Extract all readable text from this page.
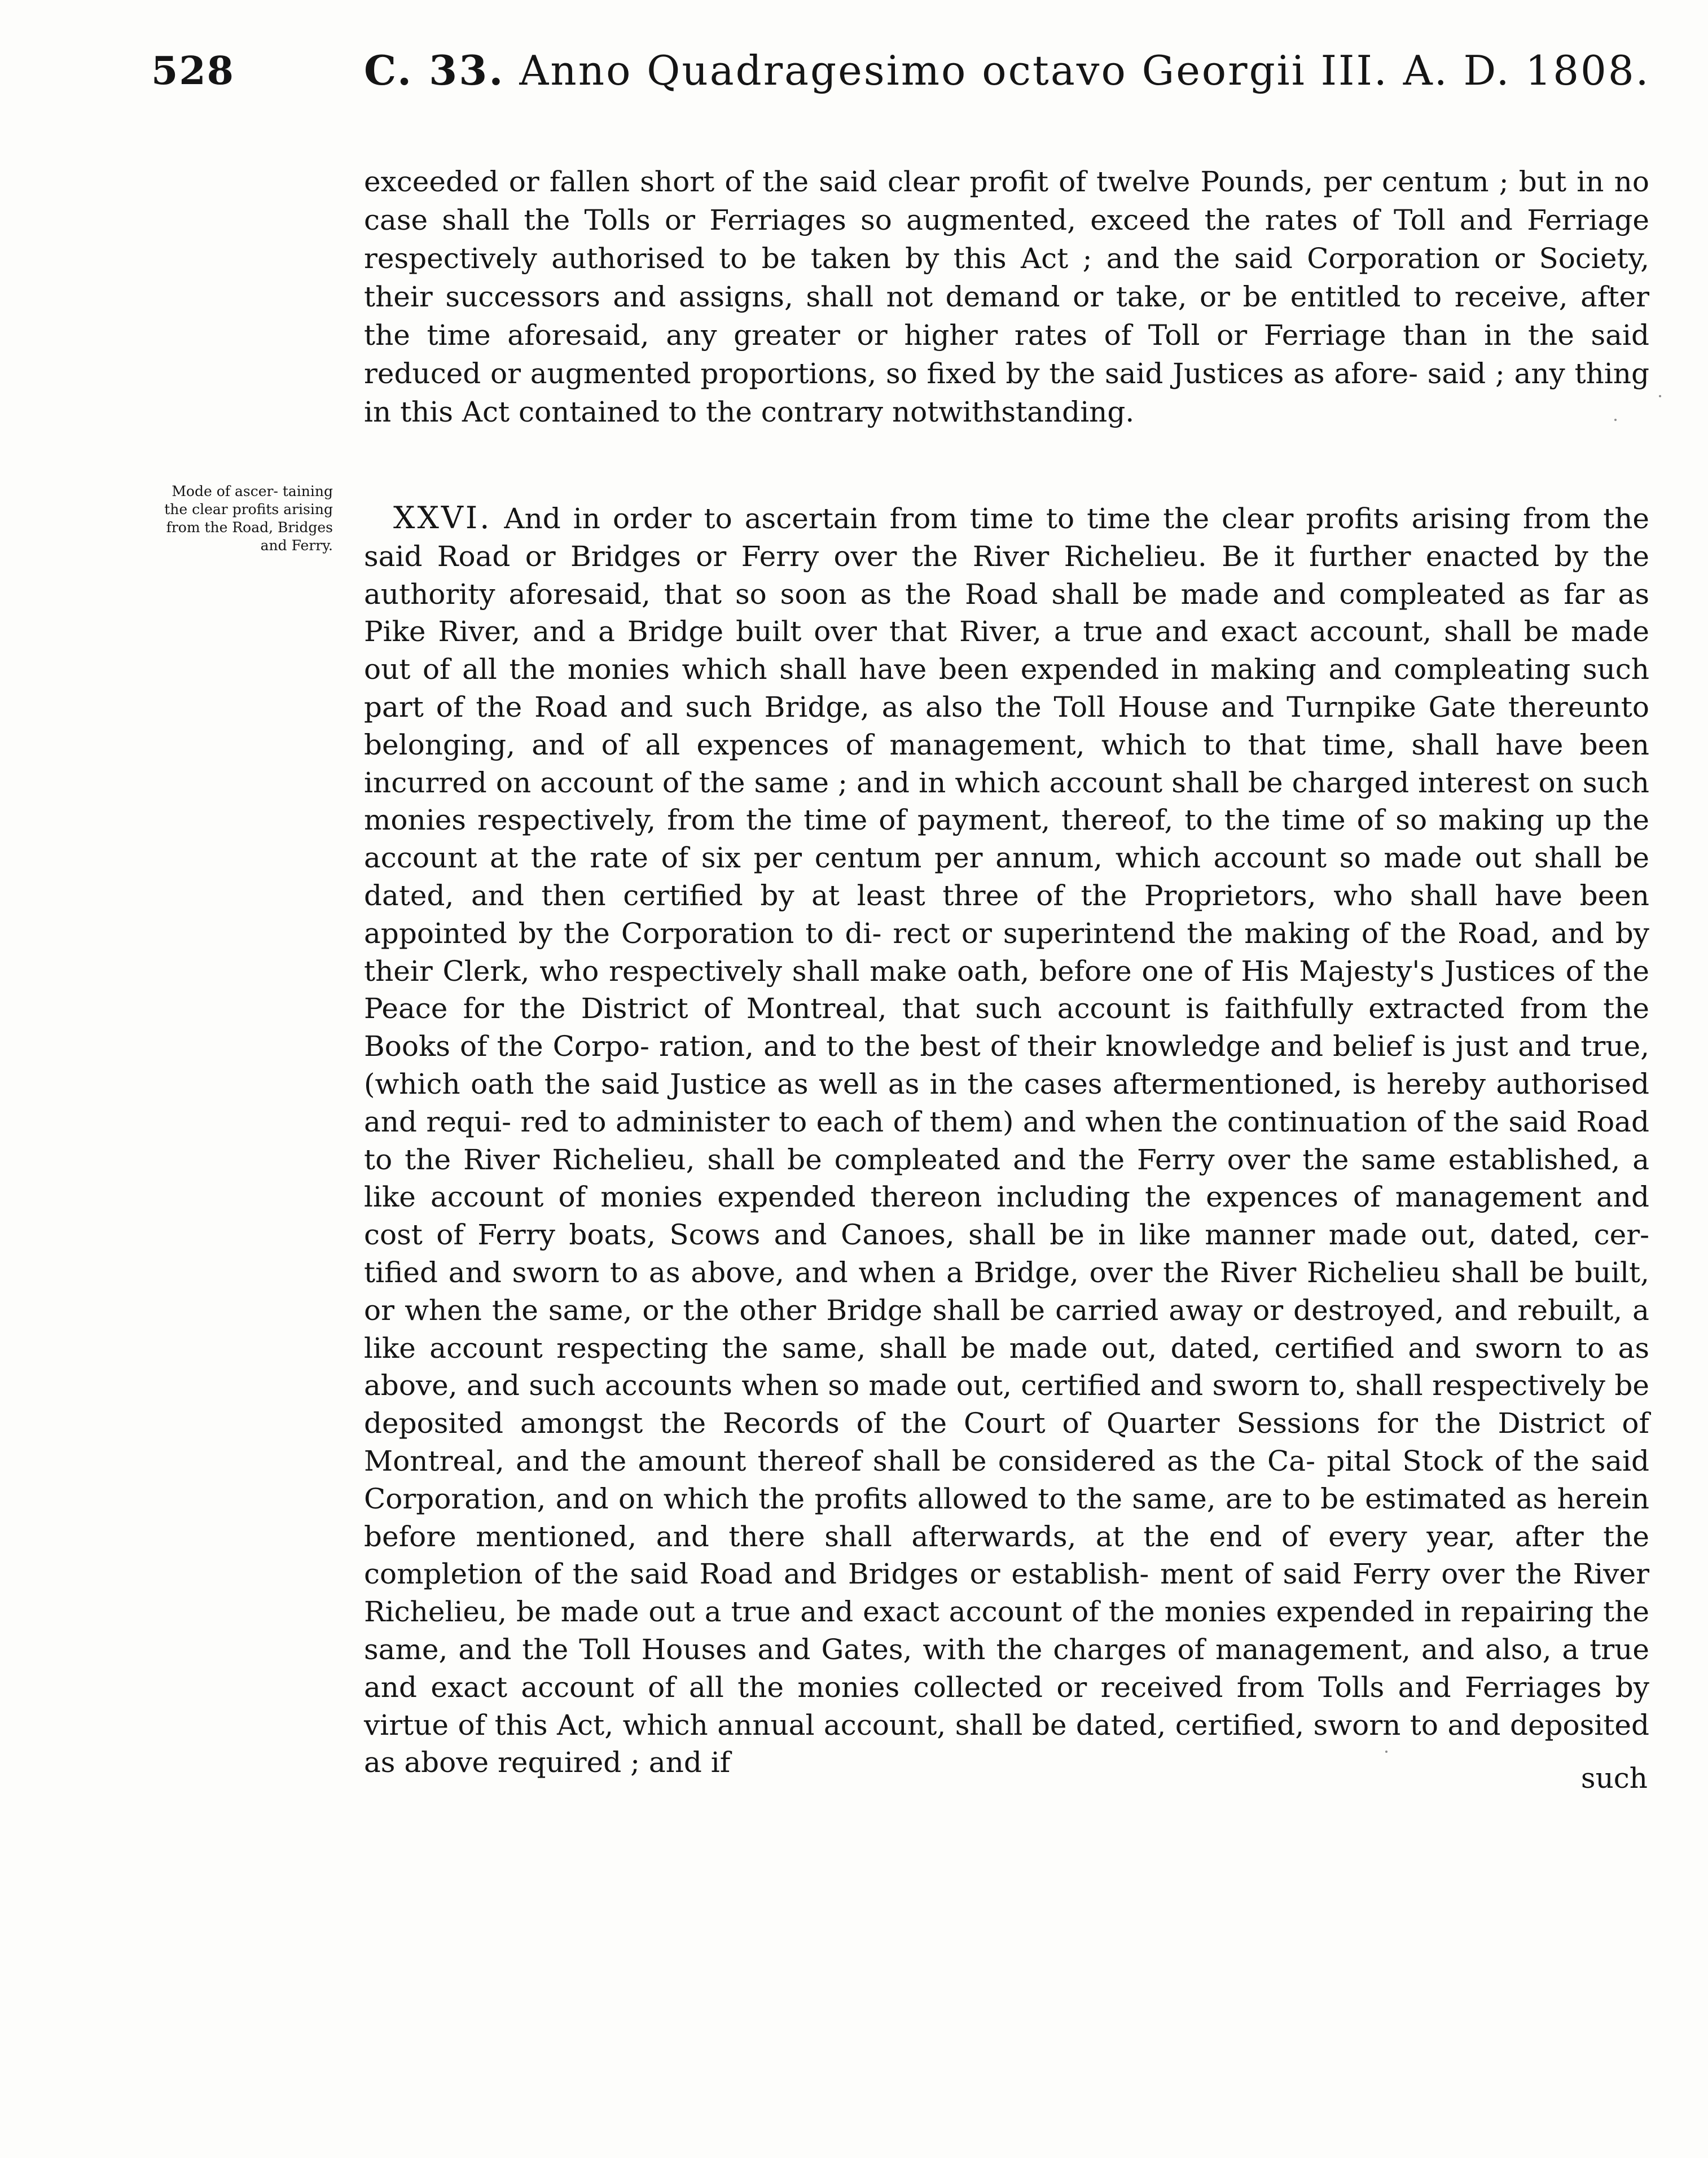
528	C. 33. Anno Quadragesimo octavo Georgii III. A. D. 1808.

exceeded or fallen short of the said clear profit of twelve Pounds, per centum ; but in no case shall the Tolls or Ferriages so augmented, exceed the rates of Toll and Ferriage respectively authorised to be taken by this Act ; and the said Corporation or Society, their successors and assigns, shall not demand or take, or be entitled to receive, after the time aforesaid, any greater or higher rates of Toll or Ferriage than in the said reduced or augmented proportions, so fixed by the said Justices as afore- said ; any thing in this Act contained to the contrary notwithstanding.

Mode of ascer- taining the clear profits arising from the Road, Bridges and Ferry.

XXVI. And in order to ascertain from time to time the clear profits arising from the said Road or Bridges or Ferry over the River Richelieu. Be it further enacted by the authority aforesaid, that so soon as the Road shall be made and compleated as far as Pike River, and a Bridge built over that River, a true and exact account, shall be made out of all the monies which shall have been expended in making and compleating such part of the Road and such Bridge, as also the Toll House and Turnpike Gate thereunto belonging, and of all expences of management, which to that time, shall have been incurred on account of the same ; and in which account shall be charged interest on such monies respectively, from the time of payment, thereof, to the time of so making up the account at the rate of six per centum per annum, which account so made out shall be dated, and then certified by at least three of the Proprietors, who shall have been appointed by the Corporation to di- rect or superintend the making of the Road, and by their Clerk, who respectively shall make oath, before one of His Majesty's Justices of the Peace for the District of Montreal, that such account is faithfully extracted from the Books of the Corpo- ration, and to the best of their knowledge and belief is just and true, (which oath the said Justice as well as in the cases aftermentioned, is hereby authorised and requi- red to administer to each of them) and when the continuation of the said Road to the River Richelieu, shall be compleated and the Ferry over the same established, a like account of monies expended thereon including the expences of management and cost of Ferry boats, Scows and Canoes, shall be in like manner made out, dated, cer- tified and sworn to as above, and when a Bridge, over the River Richelieu shall be built, or when the same, or the other Bridge shall be carried away or destroyed, and rebuilt, a like account respecting the same, shall be made out, dated, certified and sworn to as above, and such accounts when so made out, certified and sworn to, shall respectively be deposited amongst the Records of the Court of Quarter Sessions for the District of Montreal, and the amount thereof shall be considered as the Ca- pital Stock of the said Corporation, and on which the profits allowed to the same, are to be estimated as herein before mentioned, and there shall afterwards, at the end of every year, after the completion of the said Road and Bridges or establish- ment of said Ferry over the River Richelieu, be made out a true and exact account of the monies expended in repairing the same, and the Toll Houses and Gates, with the charges of management, and also, a true and exact account of all the monies collected or received from Tolls and Ferriages by virtue of this Act, which annual account, shall be dated, certified, sworn to and deposited as above required ; and if	such
